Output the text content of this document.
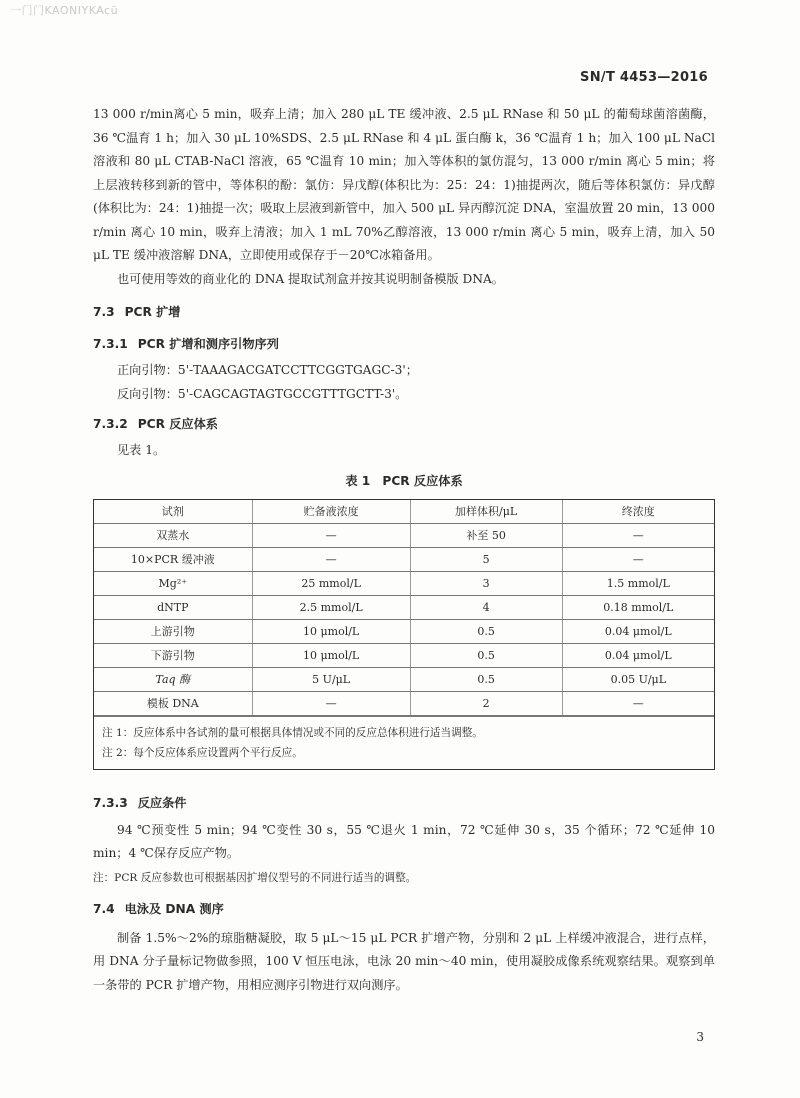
一门门KAONIYKAcū
SN/T 4453—2016

13 000 r/min离心 5 min，吸弃上清；加入 280 μL TE 缓冲液、2.5 μL RNase 和 50 μL 的葡萄球菌溶菌酶，36 ℃温育 1 h；加入 30 μL 10%SDS、2.5 μL RNase 和 4 μL 蛋白酶 k，36 ℃温育 1 h；加入 100 μL NaCl 溶液和 80 μL CTAB-NaCl 溶液，65 ℃温育 10 min；加入等体积的氯仿混匀，13 000 r/min 离心 5 min；将上层液转移到新的管中，等体积的酚：氯仿：异戊醇(体积比为：25：24：1)抽提两次，随后等体积氯仿：异戊醇(体积比为：24：1)抽提一次；吸取上层液到新管中，加入 500 μL 异丙醇沉淀 DNA，室温放置 20 min，13 000 r/min 离心 10 min，吸弃上清液；加入 1 mL 70%乙醇溶液，13 000 r/min 离心 5 min，吸弃上清，加入 50 μL TE 缓冲液溶解 DNA，立即使用或保存于－20℃冰箱备用。

也可使用等效的商业化的 DNA 提取试剂盒并按其说明制备模版 DNA。

7.3 PCR 扩增
7.3.1 PCR 扩增和测序引物序列

正向引物：5'-TAAAGACGATCCTTCGGTGAGC-3'；

反向引物：5'-CAGCAGTAGTGCCGTTTGCTT-3'。

7.3.2 PCR 反应体系

见表 1。

表 1　PCR 反应体系
试剂	贮备液浓度	加样体积/μL	终浓度
双蒸水	—	补至 50	—
10×PCR 缓冲液	—	5	—
Mg²⁺	25 mmol/L	3	1.5 mmol/L
dNTP	2.5 mmol/L	4	0.18 mmol/L
上游引物	10 μmol/L	0.5	0.04 μmol/L
下游引物	10 μmol/L	0.5	0.04 μmol/L
Taq 酶	5 U/μL	0.5	0.05 U/μL
模板 DNA	—	2	—
注 1：反应体系中各试剂的量可根据具体情况或不同的反应总体积进行适当调整。
注 2：每个反应体系应设置两个平行反应。
7.3.3 反应条件

94 ℃预变性 5 min；94 ℃变性 30 s，55 ℃退火 1 min，72 ℃延伸 30 s，35 个循环；72 ℃延伸 10 min；4 ℃保存反应产物。

注：PCR 反应参数也可根据基因扩增仪型号的不同进行适当的调整。

7.4 电泳及 DNA 测序

制备 1.5%～2%的琼脂糖凝胶，取 5 μL～15 μL PCR 扩增产物，分别和 2 μL 上样缓冲液混合，进行点样，用 DNA 分子量标记物做参照，100 V 恒压电泳，电泳 20 min～40 min，使用凝胶成像系统观察结果。观察到单一条带的 PCR 扩增产物，用相应测序引物进行双向测序。

3
